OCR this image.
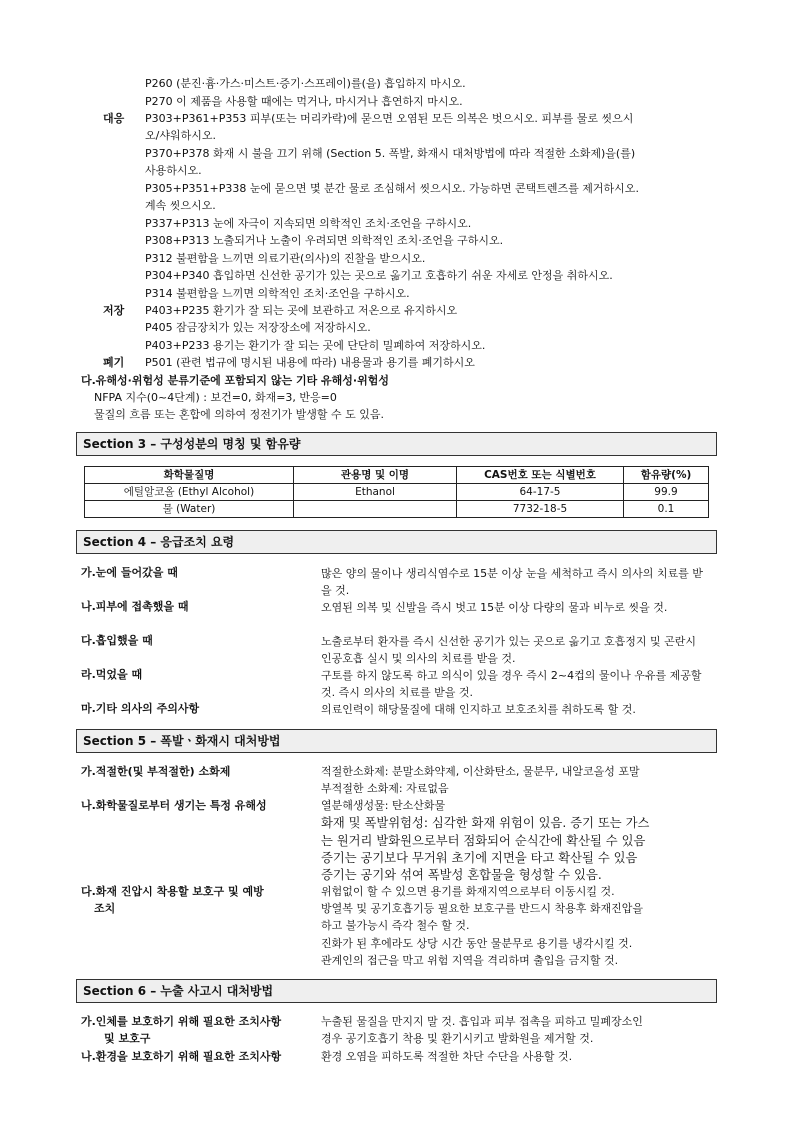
P260 (분진·흄·가스·미스트·증기·스프레이)를(을) 흡입하지 마시오.
P270 이 제품을 사용할 때에는 먹거나, 마시거나 흡연하지 마시오.
대응 P303+P361+P353 피부(또는 머리카락)에 묻으면 오염된 모든 의복은 벗으시오. 피부를 물로 씻으시
오/샤워하시오.
P370+P378 화재 시 불을 끄기 위해 (Section 5. 폭발, 화재시 대처방법에 따라 적절한 소화제)을(를)
사용하시오.
P305+P351+P338 눈에 묻으면 몇 분간 물로 조심해서 씻으시오. 가능하면 콘택트렌즈를 제거하시오.
계속 씻으시오.
P337+P313 눈에 자극이 지속되면 의학적인 조치·조언을 구하시오.
P308+P313 노출되거나 노출이 우려되면 의학적인 조치·조언을 구하시오.
P312 불편함을 느끼면 의료기관(의사)의 진찰을 받으시오.
P304+P340 흡입하면 신선한 공기가 있는 곳으로 옮기고 호흡하기 쉬운 자세로 안정을 취하시오.
P314 불편함을 느끼면 의학적인 조치·조언을 구하시오.
저장 P403+P235 환기가 잘 되는 곳에 보관하고 저온으로 유지하시오
P405 잠금장치가 있는 저장장소에 저장하시오.
P403+P233 용기는 환기가 잘 되는 곳에 단단히 밀폐하여 저장하시오.
폐기 P501 (관련 법규에 명시된 내용에 따라) 내용물과 용기를 폐기하시오
다.유해성·위험성 분류기준에 포함되지 않는 기타 유해성·위험성
NFPA 지수(0~4단계) : 보건=0, 화재=3, 반응=0
물질의 흐름 또는 혼합에 의하여 정전기가 발생할 수 도 있음.
Section 3 – 구성성분의 명칭 및 함유량
화학물질명	관용명 및 이명	CAS번호 또는 식별번호	함유량(%)
에틸알코올 (Ethyl Alcohol)	Ethanol	64-17-5	99.9
물 (Water)		7732-18-5	0.1
Section 4 – 응급조치 요령
가.눈에 들어갔을 때	많은 양의 물이나 생리식염수로 15분 이상 눈을 세척하고 즉시 의사의 치료를 받을 것.
나.피부에 접촉했을 때	오염된 의복 및 신발을 즉시 벗고 15분 이상 다량의 물과 비누로 씻을 것.
다.흡입했을 때	노출로부터 환자를 즉시 신선한 공기가 있는 곳으로 옮기고 호흡정지 및 곤란시 인공호흡 실시 및 의사의 치료를 받을 것.
라.먹었을 때	구토를 하지 않도록 하고 의식이 있을 경우 즉시 2~4컵의 물이나 우유를 제공할 것. 즉시 의사의 치료를 받을 것.
마.기타 의사의 주의사항	의료인력이 해당물질에 대해 인지하고 보호조치를 취하도록 할 것.
Section 5 – 폭발ㆍ화재시 대처방법
가.적절한(및 부적절한) 소화제	적절한소화제: 분말소화약제, 이산화탄소, 물분무, 내알코올성 포말
부적절한 소화제: 자료없음
나.화학물질로부터 생기는 특정 유해성	열분해생성물: 탄소산화물
화재 및 폭발위험성: 심각한 화재 위험이 있음. 증기 또는 가스
는 원거리 발화원으로부터 점화되어 순식간에 확산될 수 있음
증기는 공기보다 무거워 초기에 지면을 타고 확산될 수 있음
증기는 공기와 섞여 폭발성 혼합물을 형성할 수 있음.
다.화재 진압시 착용할 보호구 및 예방
조치
위험없이 할 수 있으면 용기를 화재지역으로부터 이동시킬 것.
방열복 및 공기호흡기등 필요한 보호구를 반드시 착용후 화재진압을
하고 불가능시 즉각 철수 할 것.
진화가 된 후에라도 상당 시간 동안 물분무로 용기를 냉각시킬 것.
관계인의 접근을 막고 위험 지역을 격리하며 출입을 금지할 것.
Section 6 – 누출 사고시 대처방법
가.인체를 보호하기 위해 필요한 조치사항
및 보호구
누출된 물질을 만지지 말 것. 흡입과 피부 접촉을 피하고 밀폐장소인
경우 공기호흡기 착용 및 환기시키고 발화원을 제거할 것.
나.환경을 보호하기 위해 필요한 조치사항	환경 오염을 피하도록 적절한 차단 수단을 사용할 것.
